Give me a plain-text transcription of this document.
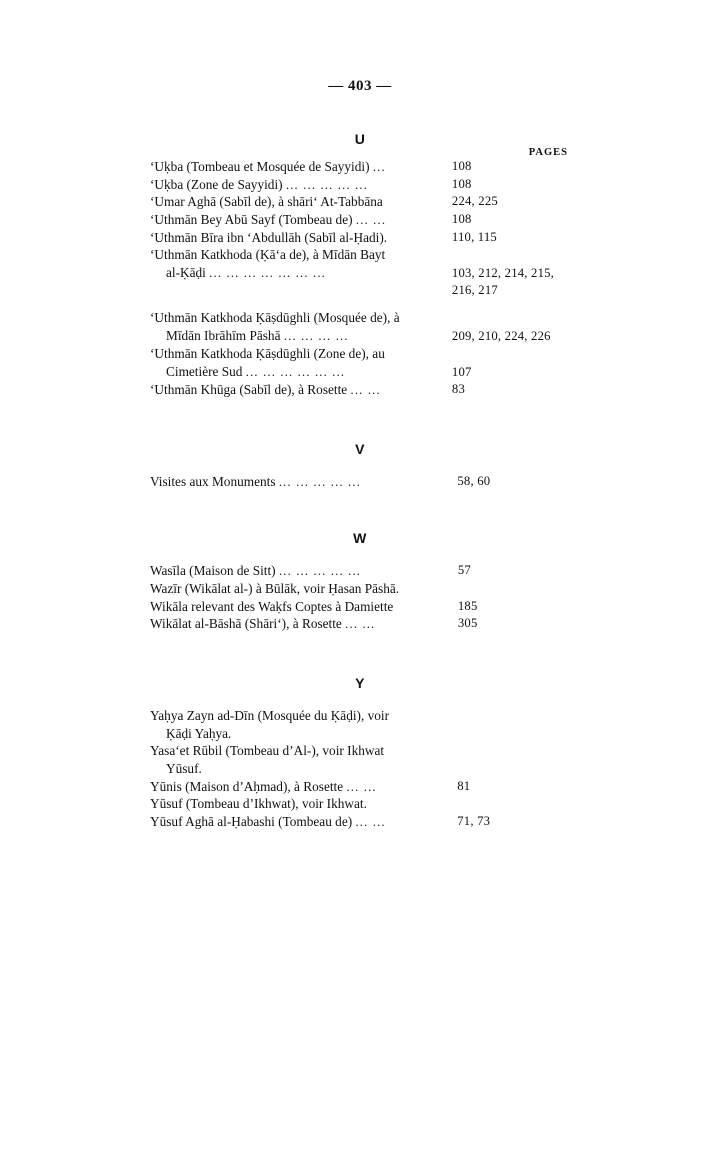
— 403 —
U
PAGES
‘Uḳba (Tombeau et Mosquée de Sayyidi) ...	108
‘Uḳba (Zone de Sayyidi) ... ... ... ... ...	108
‘Umar Aghā (Sabīl de), à shāri‘ At-Tabbāna	224, 225
‘Uthmān Bey Abū Sayf (Tombeau de) ... ...	108
‘Uthmān Bīra ibn ‘Abdullāh (Sabīl al-Ḥadi).	110, 115

‘Uthmān Katkhoda (Ḳā‘a de), à Mīdān Bayt
al-Ḳāḍi ... ... ... ... ... ... ...	103, 212, 214, 215,
216, 217

‘Uthmān Katkhoda Ḳāṣdūghli (Mosquée de), à
Mīdān Ibrāhīm Pāshā ... ... ... ...	209, 210, 224, 226

‘Uthmān Katkhoda Ḳāṣdūghli (Zone de), au
Cimetière Sud ... ... ... ... ... ...	107

‘Uthmān Khūga (Sabīl de), à Rosette ... ...	83
V
Visites aux Monuments ... ... ... ... ...	58, 60
W
Wasīla (Maison de Sitt) ... ... ... ... ...	57
Wazīr (Wikālat al-) à Būlāk, voir Ḥasan Pāshā.	
Wikāla relevant des Waḳfs Coptes à Damiette	185
Wikālat al-Bāshā (Shāri‘), à Rosette ... ...	305
Y
Yaḥya Zayn ad-Dīn (Mosquée du Ḳāḍi), voir
Ḳāḍi Yaḥya.	

Yasa‘et Rūbil (Tombeau d’Al-), voir Ikhwat
Yūsuf.	

Yūnis (Maison d’Aḥmad), à Rosette ... ...	81
Yūsuf (Tombeau d’Ikhwat), voir Ikhwat.	
Yūsuf Aghā al-Ḥabashi (Tombeau de) ... ...	71, 73
